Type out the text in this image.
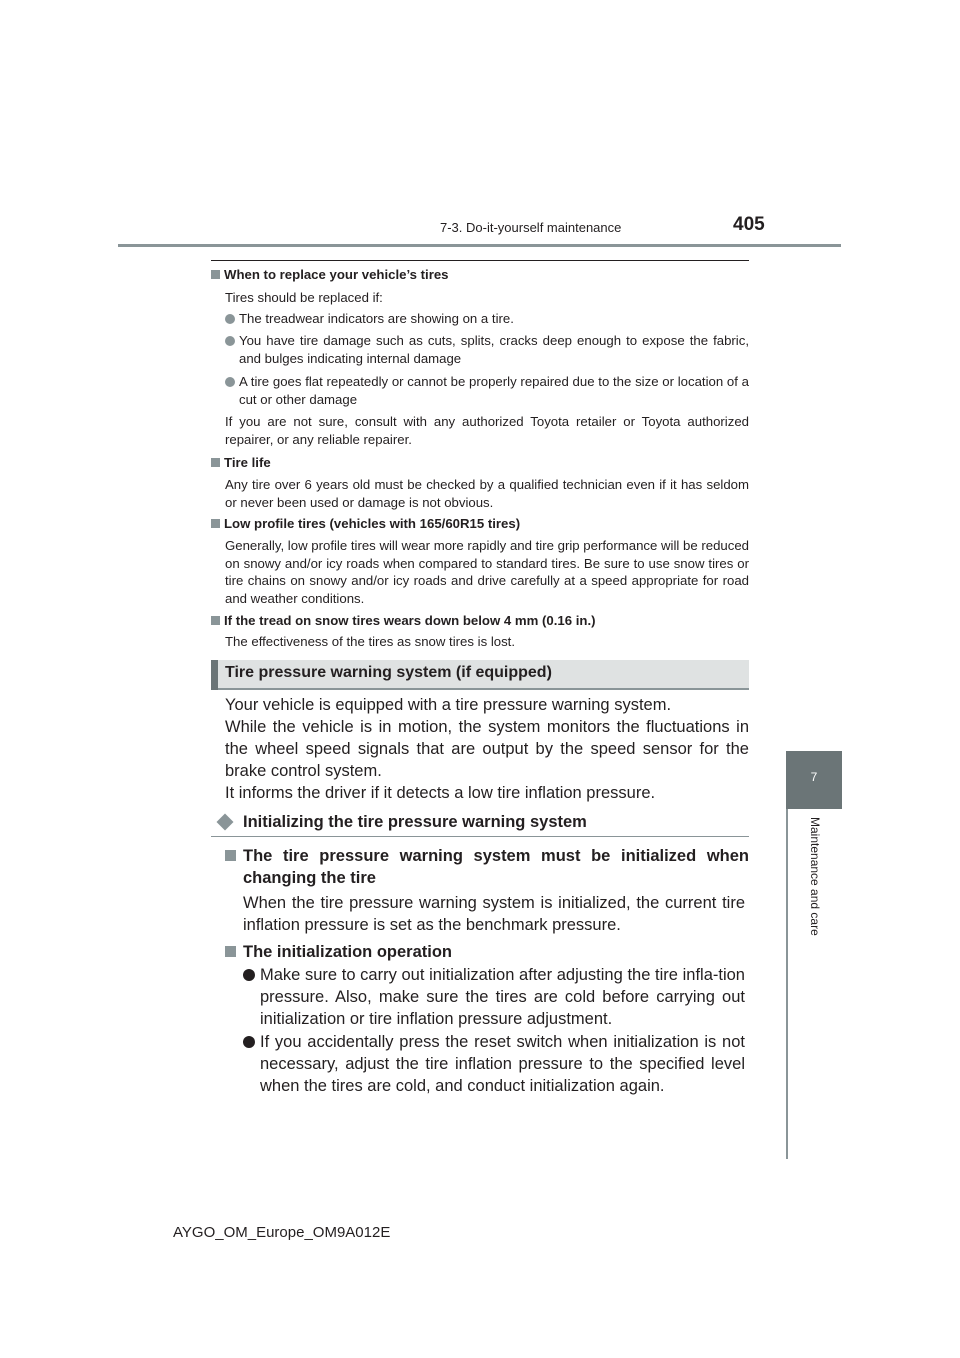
7-3. Do-it-yourself maintenance	405
7
Maintenance and care
When to replace your vehicle’s tires
Tires should be replaced if:
The treadwear indicators are showing on a tire.
You have tire damage such as cuts, splits, cracks deep enough to expose the fabric, and bulges indicating internal damage
A tire goes flat repeatedly or cannot be properly repaired due to the size or location of a cut or other damage
If you are not sure, consult with any authorized Toyota retailer or Toyota authorized repairer, or any reliable repairer.
Tire life
Any tire over 6 years old must be checked by a qualified technician even if it has seldom or never been used or damage is not obvious.
Low profile tires (vehicles with 165/60R15 tires)
Generally, low profile tires will wear more rapidly and tire grip performance will be reduced on snowy and/or icy roads when compared to standard tires. Be sure to use snow tires or tire chains on snowy and/or icy roads and drive carefully at a speed appropriate for road and weather conditions.
If the tread on snow tires wears down below 4 mm (0.16 in.)
The effectiveness of the tires as snow tires is lost.
Tire pressure warning system (if equipped)
Your vehicle is equipped with a tire pressure warning system.
While the vehicle is in motion, the system monitors the fluctuations in the wheel speed signals that are output by the speed sensor for the brake control system.
It informs the driver if it detects a low tire inflation pressure.
Initializing the tire pressure warning system
The tire pressure warning system must be initialized when changing the tire
When the tire pressure warning system is initialized, the current tire inflation pressure is set as the benchmark pressure.
The initialization operation
Make sure to carry out initialization after adjusting the tire infla-tion pressure. Also, make sure the tires are cold before carrying out initialization or tire inflation pressure adjustment.
If you accidentally press the reset switch when initialization is not necessary, adjust the tire inflation pressure to the specified level when the tires are cold, and conduct initialization again.
AYGO_OM_Europe_OM9A012E
